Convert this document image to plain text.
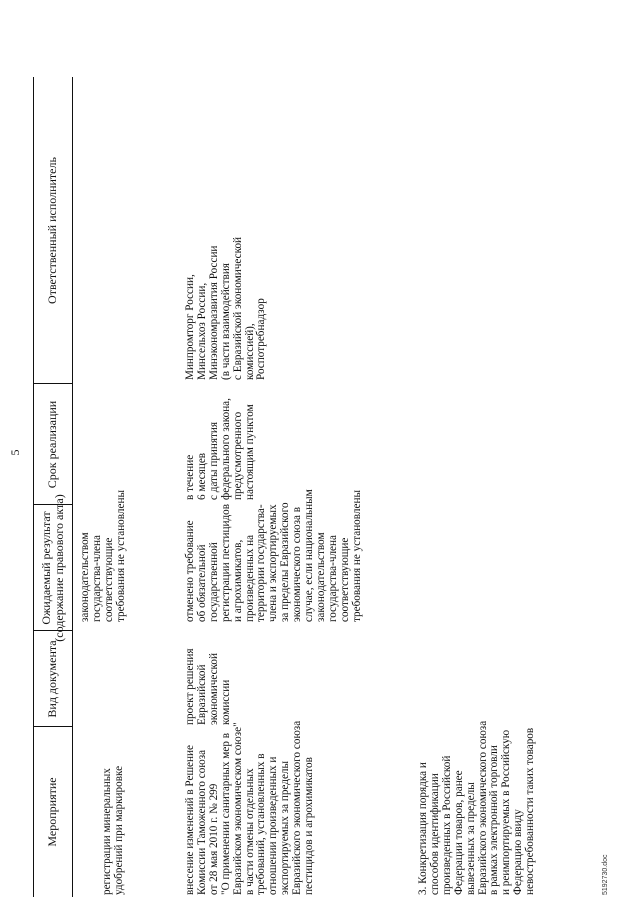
5
Мероприятие
Вид документа
Ожидаемый результат
(содержание правового акта)
Срок реализации
Ответственный исполнитель
регистрации минеральных
удобрений при маркировке
законодательством
государства-члена
соответствующие
требования не установлены
внесение изменений в Решение
Комиссии Таможенного союза
от 28 мая 2010 г. № 299
"О применении санитарных мер в
Евразийском экономическом союзе"
в части отмены отдельных
требований, установленных в
отношении произведенных и
экспортируемых за пределы
Евразийского экономического союза
пестицидов и агрохимикатов
проект решения
Евразийской
экономической
комиссии
отменено требование
об обязательной
государственной
регистрации пестицидов
и агрохимикатов,
произведенных на
территории государства-
члена и экспортируемых
за пределы Евразийского
экономического союза в
случае, если национальным
законодательством
государства-члена
соответствующие
требования не установлены
в течение
6 месяцев
с даты принятия
федерального закона,
предусмотренного
настоящим пунктом
Минпромторг России,
Минсельхоз России,
Минэкономразвития России
(в части взаимодействия
с Евразийской экономической
комиссией),
Роспотребнадзор
3. Конкретизация порядка и
способов идентификации
произведенных в Российской
Федерации товаров, ранее
вывезенных за пределы
Евразийского экономического союза
в рамках электронной торговли
и реимпортируемых в Российскую
Федерацию ввиду
невостребованности таких товаров
5192730.doc
